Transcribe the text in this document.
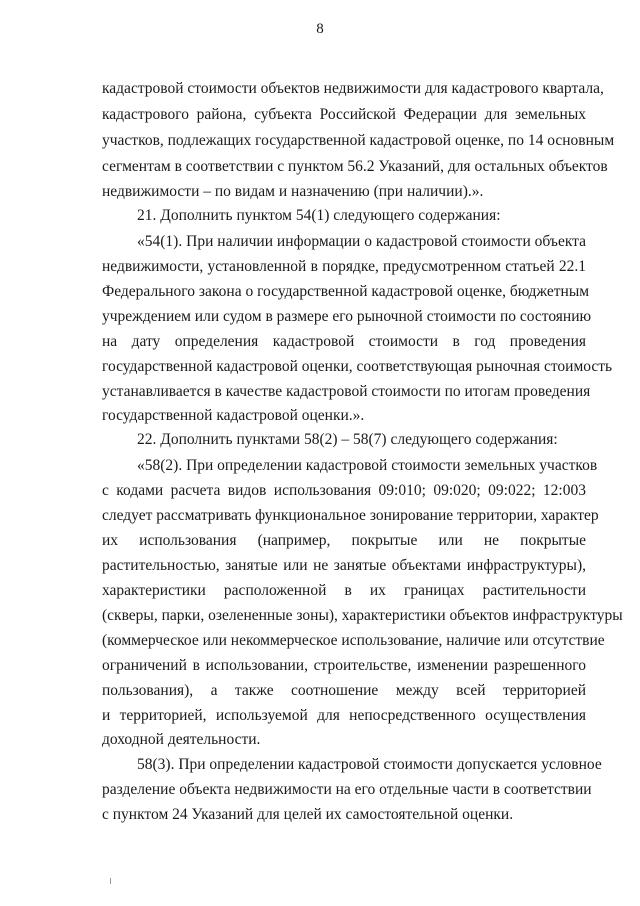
8
кадастровой стоимости объектов недвижимости для кадастрового квартала,
кадастрового района, субъекта Российской Федерации для земельных
участков, подлежащих государственной кадастровой оценке, по 14 основным
сегментам в соответствии с пунктом 56.2 Указаний, для остальных объектов
недвижимости – по видам и назначению (при наличии).».
21. Дополнить пунктом 54(1) следующего содержания:
«54(1). При наличии информации о кадастровой стоимости объекта
недвижимости, установленной в порядке, предусмотренном статьей 22.1
Федерального закона о государственной кадастровой оценке, бюджетным
учреждением или судом в размере его рыночной стоимости по состоянию
на дату определения кадастровой стоимости в год проведения
государственной кадастровой оценки, соответствующая рыночная стоимость
устанавливается в качестве кадастровой стоимости по итогам проведения
государственной кадастровой оценки.».
22. Дополнить пунктами 58(2) – 58(7) следующего содержания:
«58(2). При определении кадастровой стоимости земельных участков
с кодами расчета видов использования 09:010; 09:020; 09:022; 12:003
следует рассматривать функциональное зонирование территории, характер
их использования (например, покрытые или не покрытые
растительностью, занятые или не занятые объектами инфраструктуры),
характеристики расположенной в их границах растительности
(скверы, парки, озелененные зоны), характеристики объектов инфраструктуры
(коммерческое или некоммерческое использование, наличие или отсутствие
ограничений в использовании, строительстве, изменении разрешенного
пользования), а также соотношение между всей территорией
и территорией, используемой для непосредственного осуществления
доходной деятельности.
58(3). При определении кадастровой стоимости допускается условное
разделение объекта недвижимости на его отдельные части в соответствии
с пунктом 24 Указаний для целей их самостоятельной оценки.
